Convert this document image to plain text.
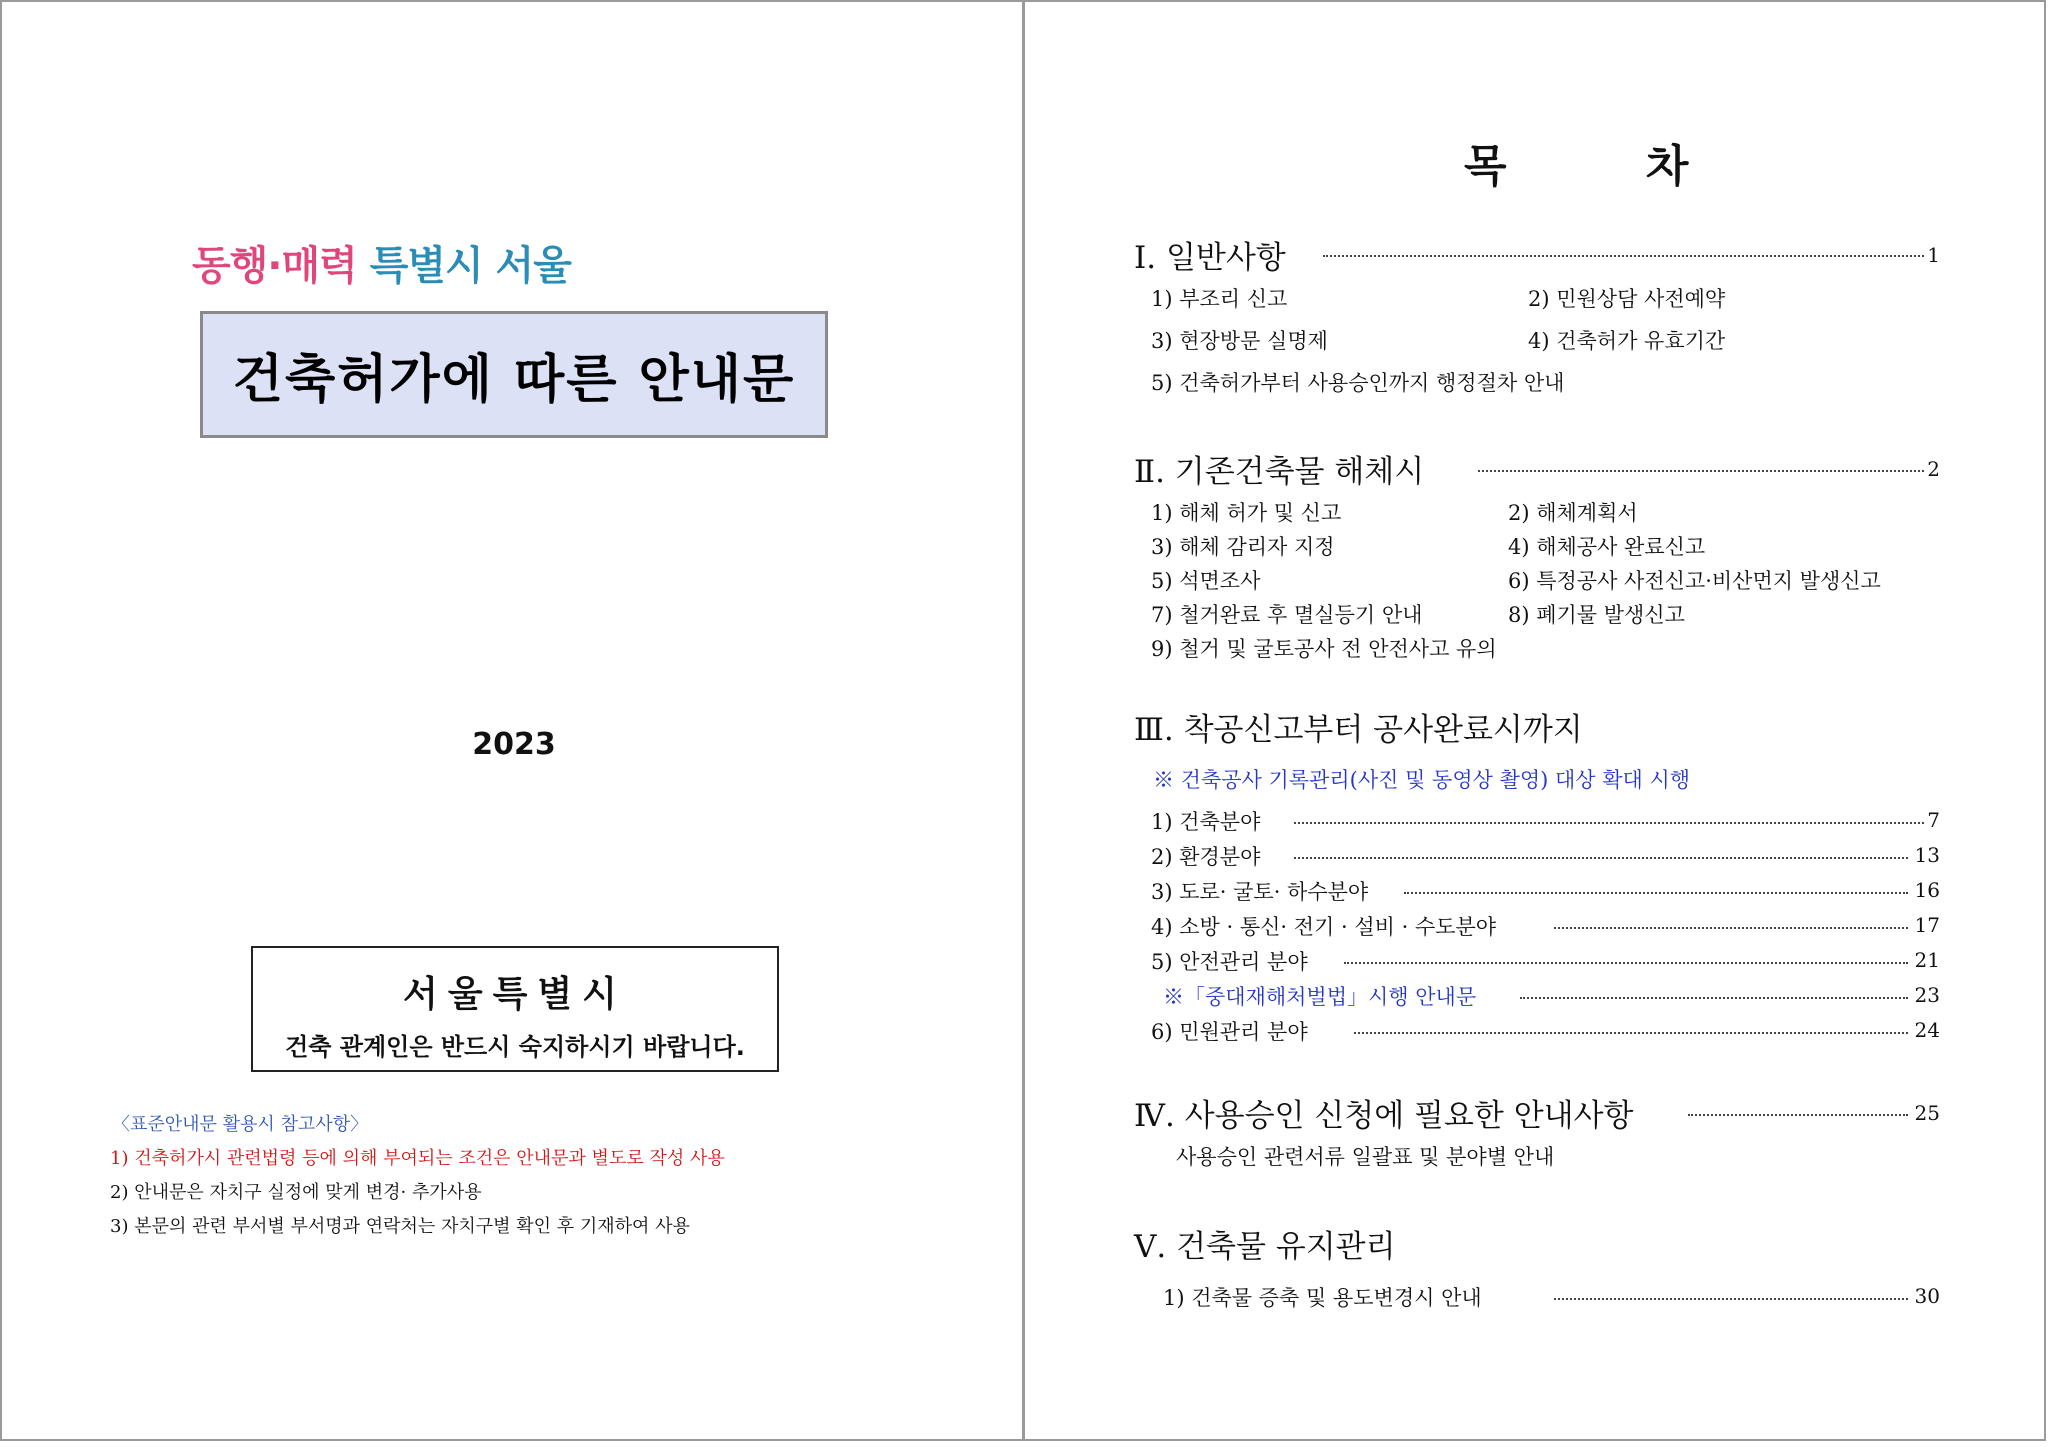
동행·매력 특별시 서울
건축허가에 따른 안내문
2023
서울특별시
건축 관계인은 반드시 숙지하시기 바랍니다.
〈표준안내문 활용시 참고사항〉
1) 건축허가시 관련법령 등에 의해 부여되는 조건은 안내문과 별도로 작성 사용
2) 안내문은 자치구 실정에 맞게 변경· 추가사용
3) 본문의 관련 부서별 부서명과 연락처는 자치구별 확인 후 기재하여 사용
목 차
Ⅰ. 일반사항	1
1) 부조리 신고	2) 민원상담 사전예약
3) 현장방문 실명제	4) 건축허가 유효기간
5) 건축허가부터 사용승인까지 행정절차 안내
Ⅱ. 기존건축물 해체시	2
1) 해체 허가 및 신고	2) 해체계획서
3) 해체 감리자 지정	4) 해체공사 완료신고
5) 석면조사	6) 특정공사 사전신고·비산먼지 발생신고
7) 철거완료 후 멸실등기 안내	8) 폐기물 발생신고
9) 철거 및 굴토공사 전 안전사고 유의
Ⅲ. 착공신고부터 공사완료시까지
※ 건축공사 기록관리(사진 및 동영상 촬영) 대상 확대 시행
1) 건축분야	7
2) 환경분야	13
3) 도로· 굴토· 하수분야	16
4) 소방 · 통신· 전기 · 설비 · 수도분야	17
5) 안전관리 분야	21
※「중대재해처벌법」시행 안내문	23
6) 민원관리 분야	24
Ⅳ. 사용승인 신청에 필요한 안내사항	25
사용승인 관련서류 일괄표 및 분야별 안내
Ⅴ. 건축물 유지관리
1) 건축물 증축 및 용도변경시 안내	30
